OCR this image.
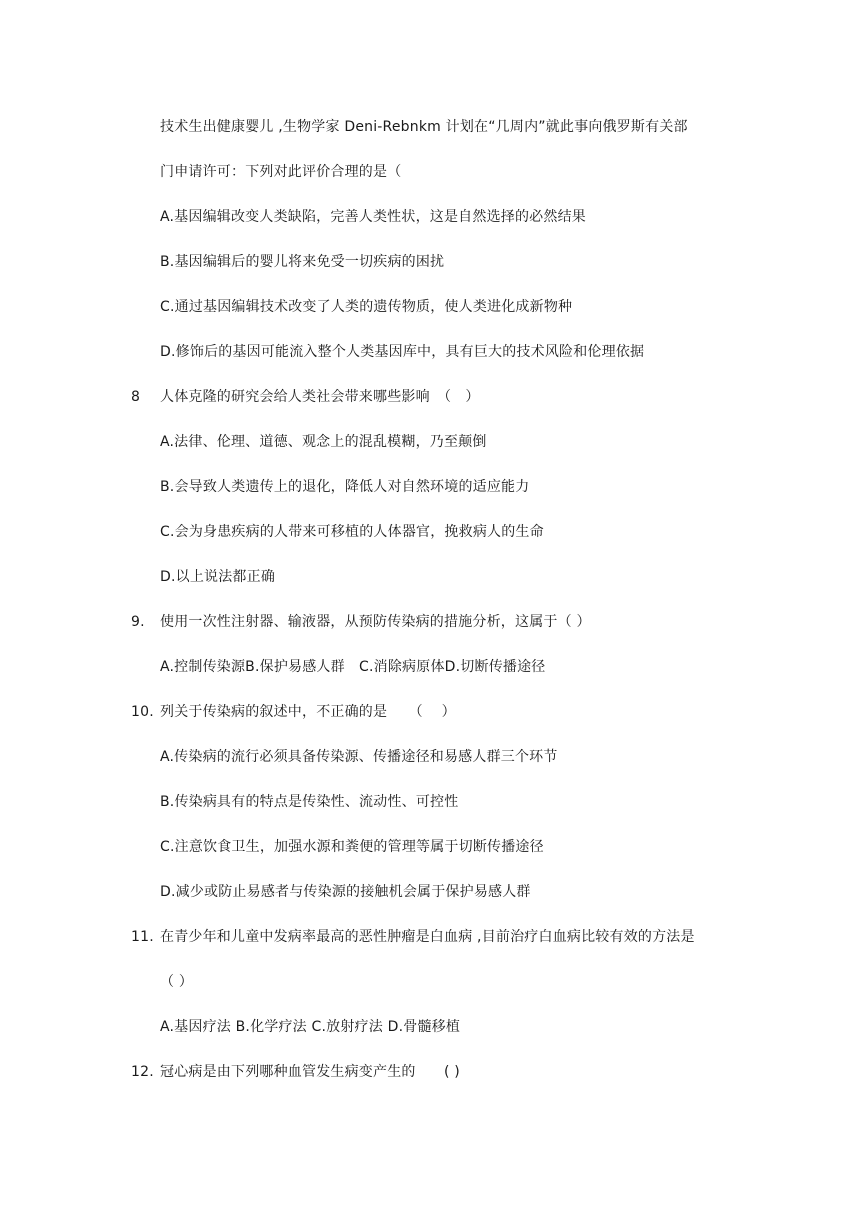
技术生出健康婴儿 ,生物学家 Deni-Rebnkm 计划在“几周内”就此事向俄罗斯有关部
门申请许可：下列对此评价合理的是（
A.基因编辑改变人类缺陷，完善人类性状，这是自然选择的必然结果
B.基因编辑后的婴儿将来免受一切疾病的困扰
C.通过基因编辑技术改变了人类的遗传物质，使人类进化成新物种
D.修饰后的基因可能流入整个人类基因库中，具有巨大的技术风险和伦理依据
8 人体克隆的研究会给人类社会带来哪些影响　（　）
A.法律、伦理、道德、观念上的混乱模糊，乃至颠倒
B.会导致人类遗传上的退化，降低人对自然环境的适应能力
C.会为身患疾病的人带来可移植的人体器官，挽救病人的生命
D.以上说法都正确
9. 使用一次性注射器、输液器，从预防传染病的措施分析，这属于（ ）
A.控制传染源B.保护易感人群　C.消除病原体D.切断传播途径
10. 列关于传染病的叙述中，不正确的是　　（　 ）
A.传染病的流行必须具备传染源、传播途径和易感人群三个环节
B.传染病具有的特点是传染性、流动性、可控性
C.注意饮食卫生，加强水源和粪便的管理等属于切断传播途径
D.减少或防止易感者与传染源的接触机会属于保护易感人群
11. 在青少年和儿童中发病率最高的恶性肿瘤是白血病 ,目前治疗白血病比较有效的方法是
（ ）
A.基因疗法 B.化学疗法 C.放射疗法 D.骨髓移植
12. 冠心病是由下列哪种血管发生病变产生的　　( )
